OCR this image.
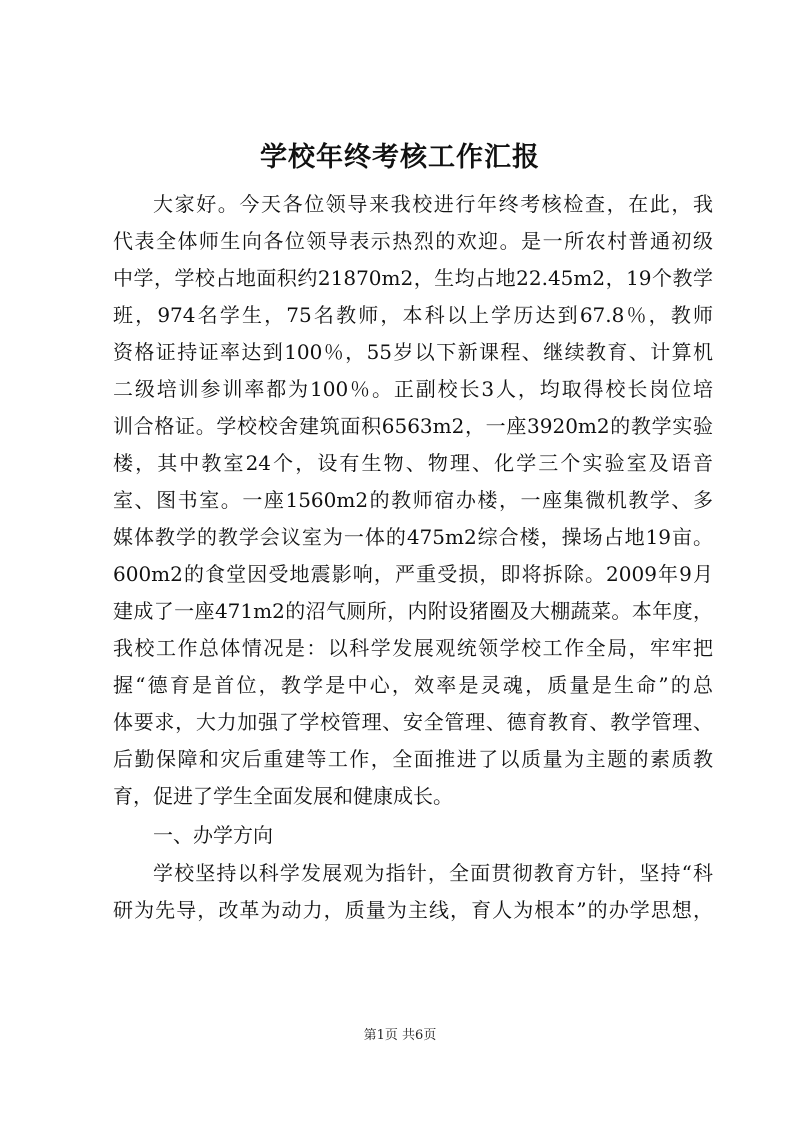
学校年终考核工作汇报
大家好。今天各位领导来我校进行年终考核检查，在此，我
代表全体师生向各位领导表示热烈的欢迎。是一所农村普通初级
中学，学校占地面积约21870m2，生均占地22.45m2，19个教学
班，974名学生，75名教师，本科以上学历达到67.8％，教师
资格证持证率达到100％，55岁以下新课程、继续教育、计算机
二级培训参训率都为100％。正副校长3人，均取得校长岗位培
训合格证。学校校舍建筑面积6563m2，一座3920m2的教学实验
楼，其中教室24个，设有生物、物理、化学三个实验室及语音
室、图书室。一座1560m2的教师宿办楼，一座集微机教学、多
媒体教学的教学会议室为一体的475m2综合楼，操场占地19亩。
600m2的食堂因受地震影响，严重受损，即将拆除。2009年9月
建成了一座471m2的沼气厕所，内附设猪圈及大棚蔬菜。本年度，
我校工作总体情况是：以科学发展观统领学校工作全局，牢牢把
握“德育是首位，教学是中心，效率是灵魂，质量是生命”的总
体要求，大力加强了学校管理、安全管理、德育教育、教学管理、
后勤保障和灾后重建等工作，全面推进了以质量为主题的素质教
育，促进了学生全面发展和健康成长。
一、办学方向
学校坚持以科学发展观为指针，全面贯彻教育方针，坚持“科
研为先导，改革为动力，质量为主线，育人为根本”的办学思想，
第1页 共6页
